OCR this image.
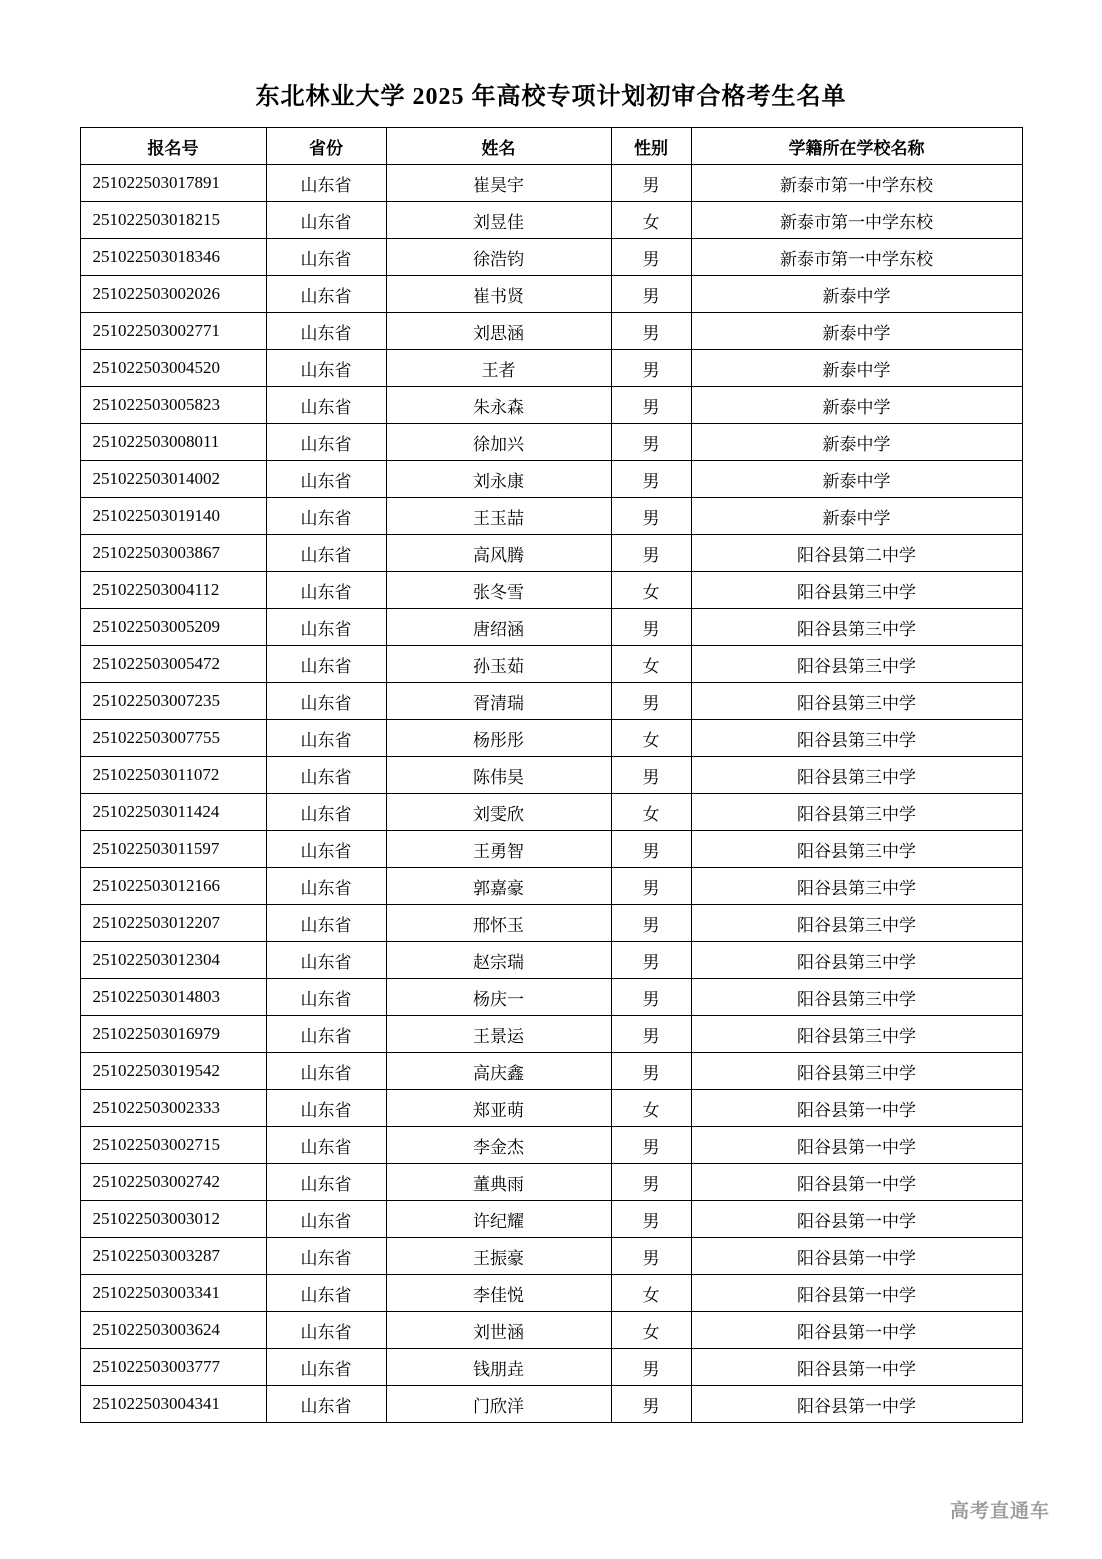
东北林业大学 2025 年高校专项计划初审合格考生名单
报名号	省份	姓名	性别	学籍所在学校名称
251022503017891	山东省	崔昊宇	男	新泰市第一中学东校
251022503018215	山东省	刘昱佳	女	新泰市第一中学东校
251022503018346	山东省	徐浩钧	男	新泰市第一中学东校
251022503002026	山东省	崔书贤	男	新泰中学
251022503002771	山东省	刘思涵	男	新泰中学
251022503004520	山东省	王者	男	新泰中学
251022503005823	山东省	朱永森	男	新泰中学
251022503008011	山东省	徐加兴	男	新泰中学
251022503014002	山东省	刘永康	男	新泰中学
251022503019140	山东省	王玉喆	男	新泰中学
251022503003867	山东省	高风腾	男	阳谷县第二中学
251022503004112	山东省	张冬雪	女	阳谷县第三中学
251022503005209	山东省	唐绍涵	男	阳谷县第三中学
251022503005472	山东省	孙玉茹	女	阳谷县第三中学
251022503007235	山东省	胥清瑞	男	阳谷县第三中学
251022503007755	山东省	杨彤彤	女	阳谷县第三中学
251022503011072	山东省	陈伟昊	男	阳谷县第三中学
251022503011424	山东省	刘雯欣	女	阳谷县第三中学
251022503011597	山东省	王勇智	男	阳谷县第三中学
251022503012166	山东省	郭嘉豪	男	阳谷县第三中学
251022503012207	山东省	邢怀玉	男	阳谷县第三中学
251022503012304	山东省	赵宗瑞	男	阳谷县第三中学
251022503014803	山东省	杨庆一	男	阳谷县第三中学
251022503016979	山东省	王景运	男	阳谷县第三中学
251022503019542	山东省	高庆鑫	男	阳谷县第三中学
251022503002333	山东省	郑亚萌	女	阳谷县第一中学
251022503002715	山东省	李金杰	男	阳谷县第一中学
251022503002742	山东省	董典雨	男	阳谷县第一中学
251022503003012	山东省	许纪耀	男	阳谷县第一中学
251022503003287	山东省	王振豪	男	阳谷县第一中学
251022503003341	山东省	李佳悦	女	阳谷县第一中学
251022503003624	山东省	刘世涵	女	阳谷县第一中学
251022503003777	山东省	钱朋垚	男	阳谷县第一中学
251022503004341	山东省	门欣洋	男	阳谷县第一中学
高考直通车
